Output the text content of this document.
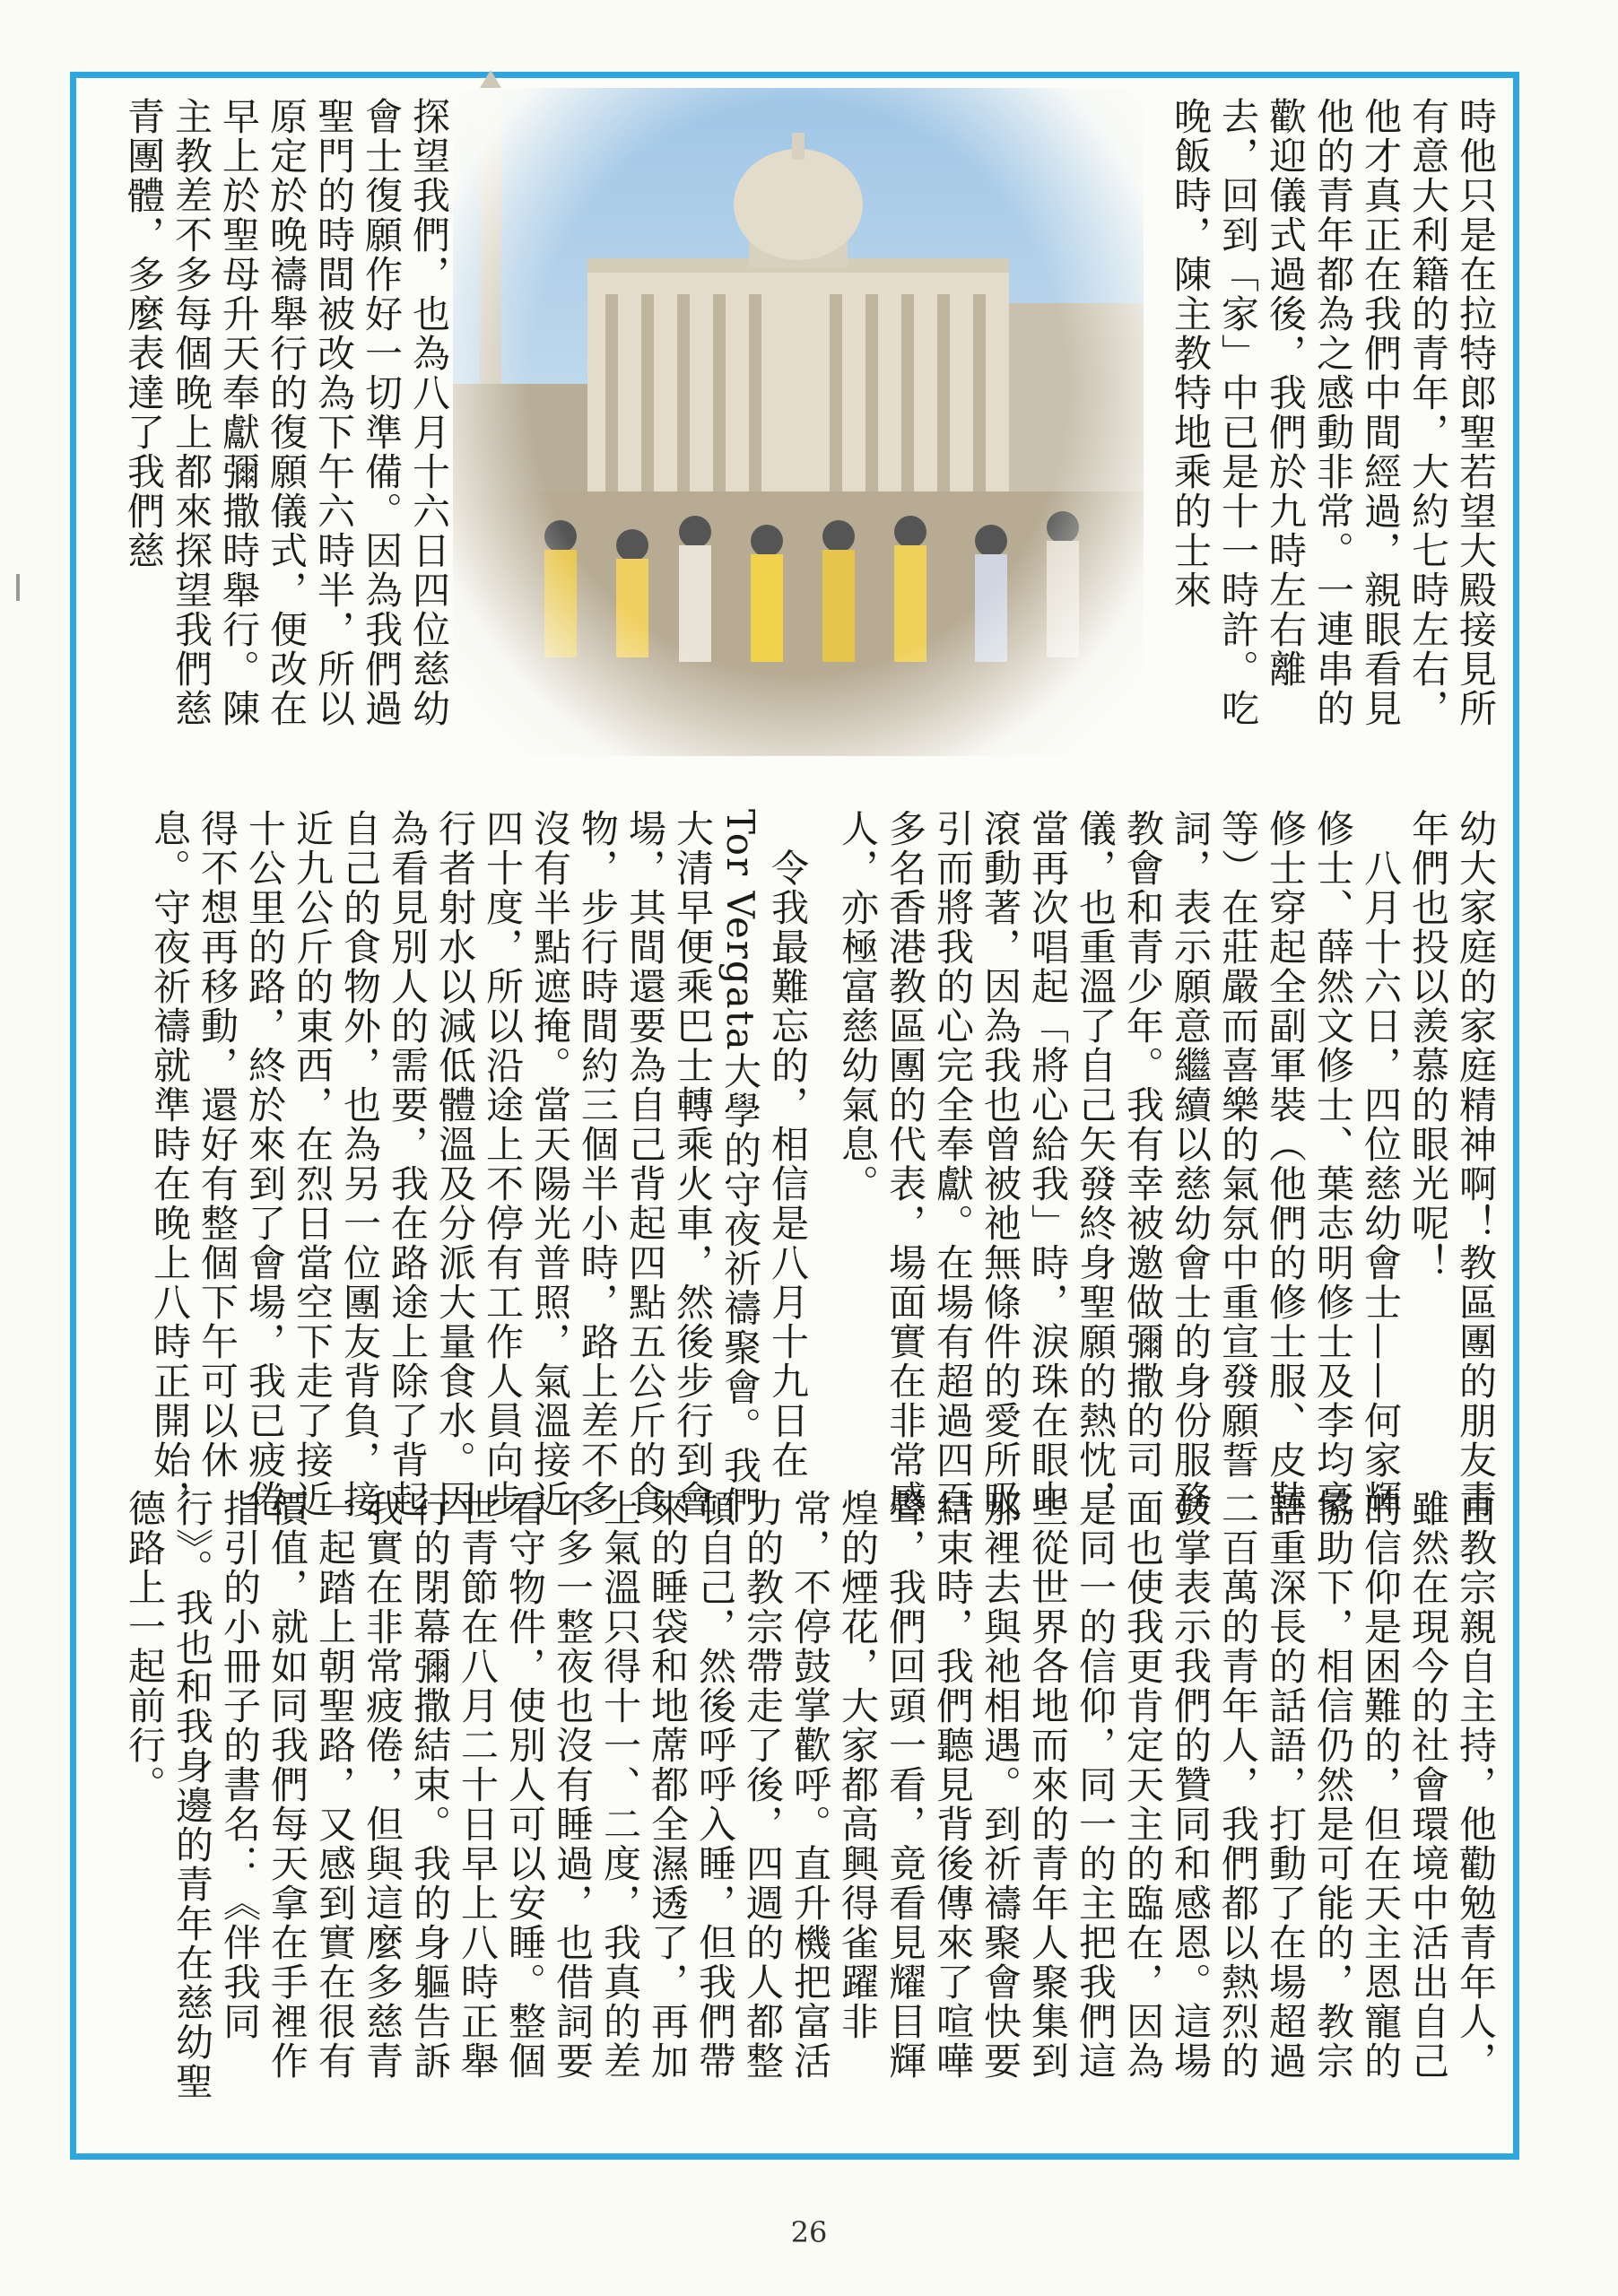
時他只是在拉特郎聖若望大殿接見所有意大利籍的青年，大約七時左右，他才真正在我們中間經過，親眼看見他的青年都為之感動非常。一連串的歡迎儀式過後，我們於九時左右離去，回到「家」中已是十一時許。吃晚飯時，陳主教特地乘的士來
探望我們，也為八月十六日四位慈幼會士復願作好一切準備。因為我們過聖門的時間被改為下午六時半，所以原定於晚禱舉行的復願儀式，便改在早上於聖母升天奉獻彌撒時舉行。陳主教差不多每個晚上都來探望我們慈青團體，多麼表達了我們慈
幼大家庭的家庭精神啊！教區團的朋友青年們也投以羨慕的眼光呢！
　八月十六日，四位慈幼會士——何家輝修士、薛然文修士、葉志明修士及李均豪修士穿起全副軍裝（他們的修士服、皮鞋等）在莊嚴而喜樂的氣氛中重宣發願誓詞，表示願意繼續以慈幼會士的身份服務教會和青少年。我有幸被邀做彌撒的司儀，也重溫了自己矢發終身聖願的熱忱，當再次唱起「將心給我」時，淚珠在眼中滾動著，因為我也曾被祂無條件的愛所吸引而將我的心完全奉獻。在場有超過四百多名香港教區團的代表，場面實在非常感人，亦極富慈幼氣息。
　令我最難忘的，相信是八月十九日在Tor Vergata大學的守夜祈禱聚會。我們大清早便乘巴士轉乘火車，然後步行到會場，其間還要為自己背起四點五公斤的食物，步行時間約三個半小時，路上差不多沒有半點遮掩。當天陽光普照，氣溫接近四十度，所以沿途上不停有工作人員向步行者射水以減低體溫及分派大量食水。因為看見別人的需要，我在路途上除了背起自己的食物外，也為另一位團友背負，接近九公斤的東西，在烈日當空下走了接近十公里的路，終於來到了會場，我已疲倦得不想再移動，還好有整個下午可以休息。守夜祈禱就準時在晚上八時正開始，
由教宗親自主持，他勸勉青年人，雖然在現今的社會環境中活出自己的信仰是困難的，但在天主恩寵的協助下，相信仍然是可能的，教宗語重深長的話語，打動了在場超過二百萬的青年人，我們都以熱烈的鼓掌表示我們的贊同和感恩。這場面也使我更肯定天主的臨在，因為是同一的信仰，同一的主把我們這些從世界各地而來的青年人聚集到那裡去與祂相遇。到祈禱聚會快要結束時，我們聽見背後傳來了喧嘩聲，我們回頭一看，竟看見耀目輝煌的煙花，大家都高興得雀躍非常，不停鼓掌歡呼。直升機把富活力的教宗帶走了後，四週的人都整頓自己，然後呼呼入睡，但我們帶來的睡袋和地蓆都全濕透了，再加上氣溫只得十一、二度，我真的差不多一整夜也沒有睡過，也借詞要看守物件，使別人可以安睡。整個世青節在八月二十日早上八時正舉行的閉幕彌撒結束。我的身軀告訴我實在非常疲倦，但與這麼多慈青一起踏上朝聖路，又感到實在很有價值，就如同我們每天拿在手裡作指引的小冊子的書名：《伴我同行》。我也和我身邊的青年在慈幼聖德路上一起前行。
26
